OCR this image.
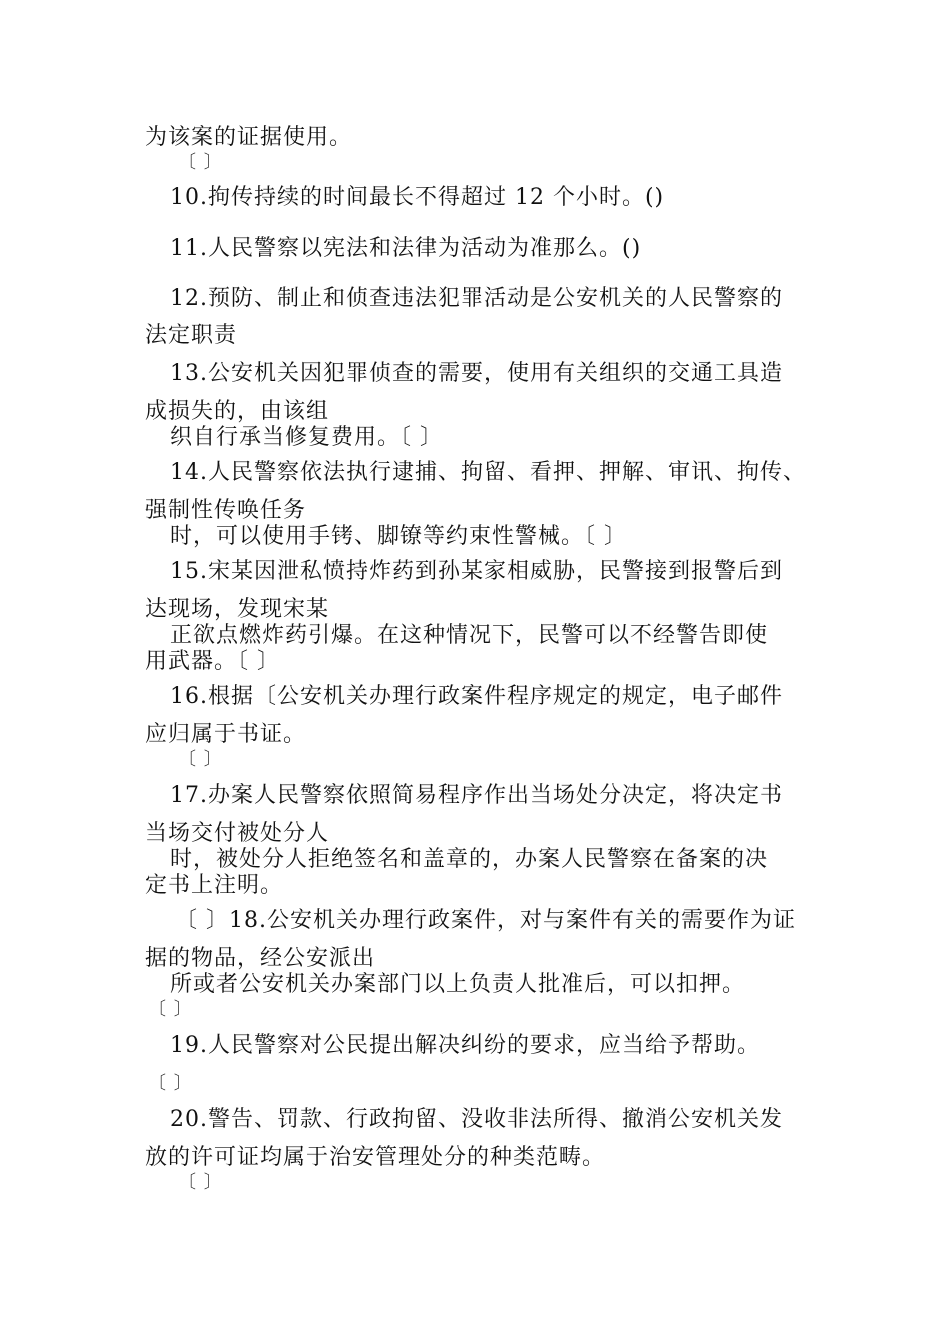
为该案的证据使用。
〔 〕
10.拘传持续的时间最长不得超过 12 个小时。()
11.人民警察以宪法和法律为活动为准那么。()
12.预防、制止和侦查违法犯罪活动是公安机关的人民警察的
法定职责
13.公安机关因犯罪侦查的需要，使用有关组织的交通工具造
成损失的，由该组
织自行承当修复费用。〔 〕
14.人民警察依法执行逮捕、拘留、看押、押解、审讯、拘传、
强制性传唤任务
时，可以使用手铐、脚镣等约束性警械。〔 〕
15.宋某因泄私愤持炸药到孙某家相威胁，民警接到报警后到
达现场，发现宋某
正欲点燃炸药引爆。在这种情况下，民警可以不经警告即使
用武器。〔 〕
16.根据〔公安机关办理行政案件程序规定的规定，电子邮件
应归属于书证。
〔 〕
17.办案人民警察依照简易程序作出当场处分决定，将决定书
当场交付被处分人
时，被处分人拒绝签名和盖章的，办案人民警察在备案的决
定书上注明。
〔 〕18.公安机关办理行政案件，对与案件有关的需要作为证
据的物品，经公安派出
所或者公安机关办案部门以上负责人批准后，可以扣押。
〔 〕
19.人民警察对公民提出解决纠纷的要求，应当给予帮助。
〔 〕
20.警告、罚款、行政拘留、没收非法所得、撤消公安机关发
放的许可证均属于治安管理处分的种类范畴。
〔 〕
